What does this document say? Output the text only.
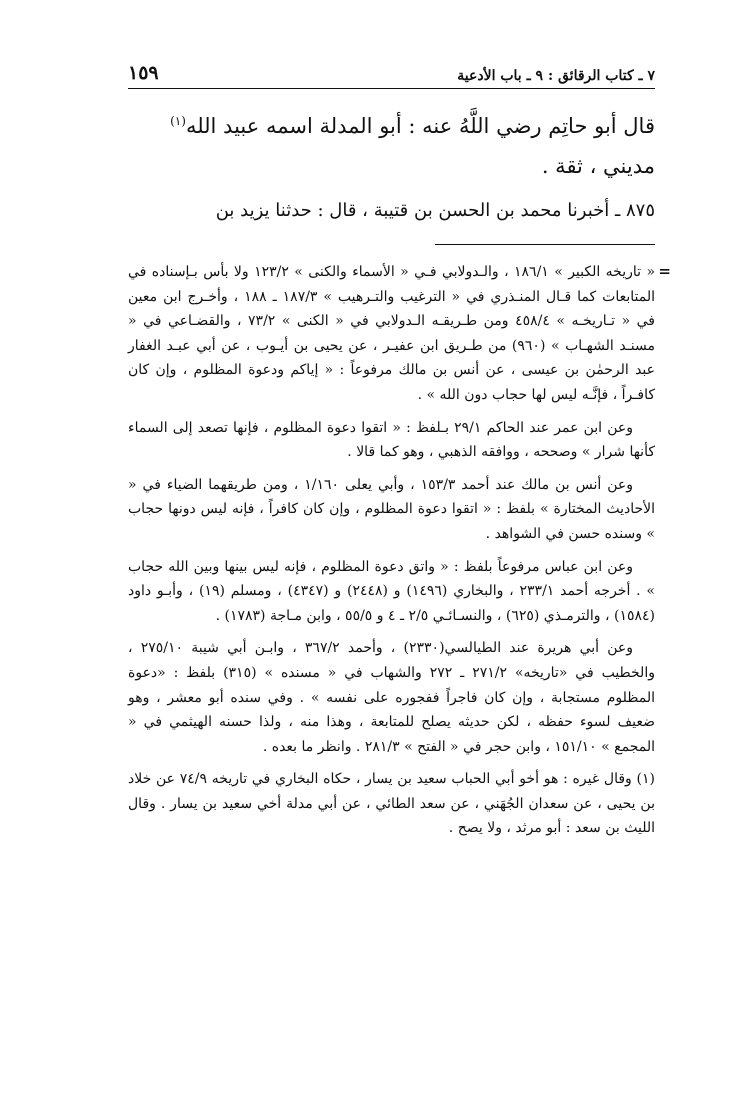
٧ ـ كتاب الرقائق : ٩ ـ باب الأدعية
١٥٩

قال أبو حاتِم رضي اللَّهُ عنه : أبو المدلة اسمه عبيد الله$^{(١)}$
مديني ، ثقة .

٨٧٥ ـ أخبرنا محمد بن الحسن بن قتيبة ، قال : حدثنا يزيد بن

=

« تاريخه الكبير » ١٨٦/١ ، والـدولابي فـي « الأسماء والكنى » ١٢٣/٢ ولا بأس بـإسناده في المتابعات كما قـال المنـذري في « الترغيب والتـرهيب » ١٨٧/٣ ـ ١٨٨ ، وأخـرج ابن معين في « تـاريخـه » ٤٥٨/٤ ومن طـريقـه الـدولابي في « الكنى » ٧٣/٢ ، والقضـاعي في « مسنـد الشهـاب » (٩٦٠) من طـريق ابن عفيـر ، عن يحيى بن أيـوب ، عن أبي عبـد الغفار عبد الرحمٰن بن عيسى ، عن أنس بن مالك مرفوعاً : « إياكم ودعوة المظلوم ، وإن كان كافـراً ، فإنَّـه ليس لها حجاب دون الله » .

وعن ابن عمر عند الحاكم ٢٩/١ بـلفظ : « اتقوا دعوة المظلوم ، فإنها تصعد إلى السماء كأنها شرار » وصححه ، ووافقه الذهبي ، وهو كما قالا .

وعن أنس بن مالك عند أحمد ١٥٣/٣ ، وأبي يعلى ١/١٦٠ ، ومن طريقهما الضياء في « الأحاديث المختارة » بلفظ : « اتقوا دعوة المظلوم ، وإن كان كافراً ، فإنه ليس دونها حجاب » وسنده حسن في الشواهد .

وعن ابن عباس مرفوعاً بلفظ : « واتق دعوة المظلوم ، فإنه ليس بينها وبين الله حجاب » . أخرجه أحمد ٢٣٣/١ ، والبخاري (١٤٩٦) و (٢٤٤٨) و (٤٣٤٧) ، ومسلم (١٩) ، وأبـو داود (١٥٨٤) ، والترمـذي (٦٢٥) ، والنسـائـي ٢/٥ ـ ٤ و ٥٥/٥ ، وابن مـاجة (١٧٨٣) .

وعن أبي هريرة عند الطيالسي(٢٣٣٠) ، وأحمد ٣٦٧/٢ ، وابـن أبي شيبة ٢٧٥/١٠ ، والخطيب في «تاريخه» ٢٧١/٢ ـ ٢٧٢ والشهاب في « مسنده » (٣١٥) بلفظ : «دعوة المظلوم مستجابة ، وإن كان فاجراً ففجوره على نفسه » . وفي سنده أبو معشر ، وهو ضعيف لسوء حفظه ، لكن حديثه يصلح للمتابعة ، وهذا منه ، ولذا حسنه الهيثمي في « المجمع » ١٥١/١٠ ، وابن حجر في « الفتح » ٢٨١/٣ . وانظر ما بعده .

(١) وقال غيره : هو أخو أبي الحباب سعيد بن يسار ، حكاه البخاري في تاريخه ٧٤/٩ عن خلاد بن يحيى ، عن سعدان الجُهَني ، عن سعد الطائي ، عن أبي مدلة أخي سعيد بن يسار . وقال الليث بن سعد : أبو مرثد ، ولا يصح .
